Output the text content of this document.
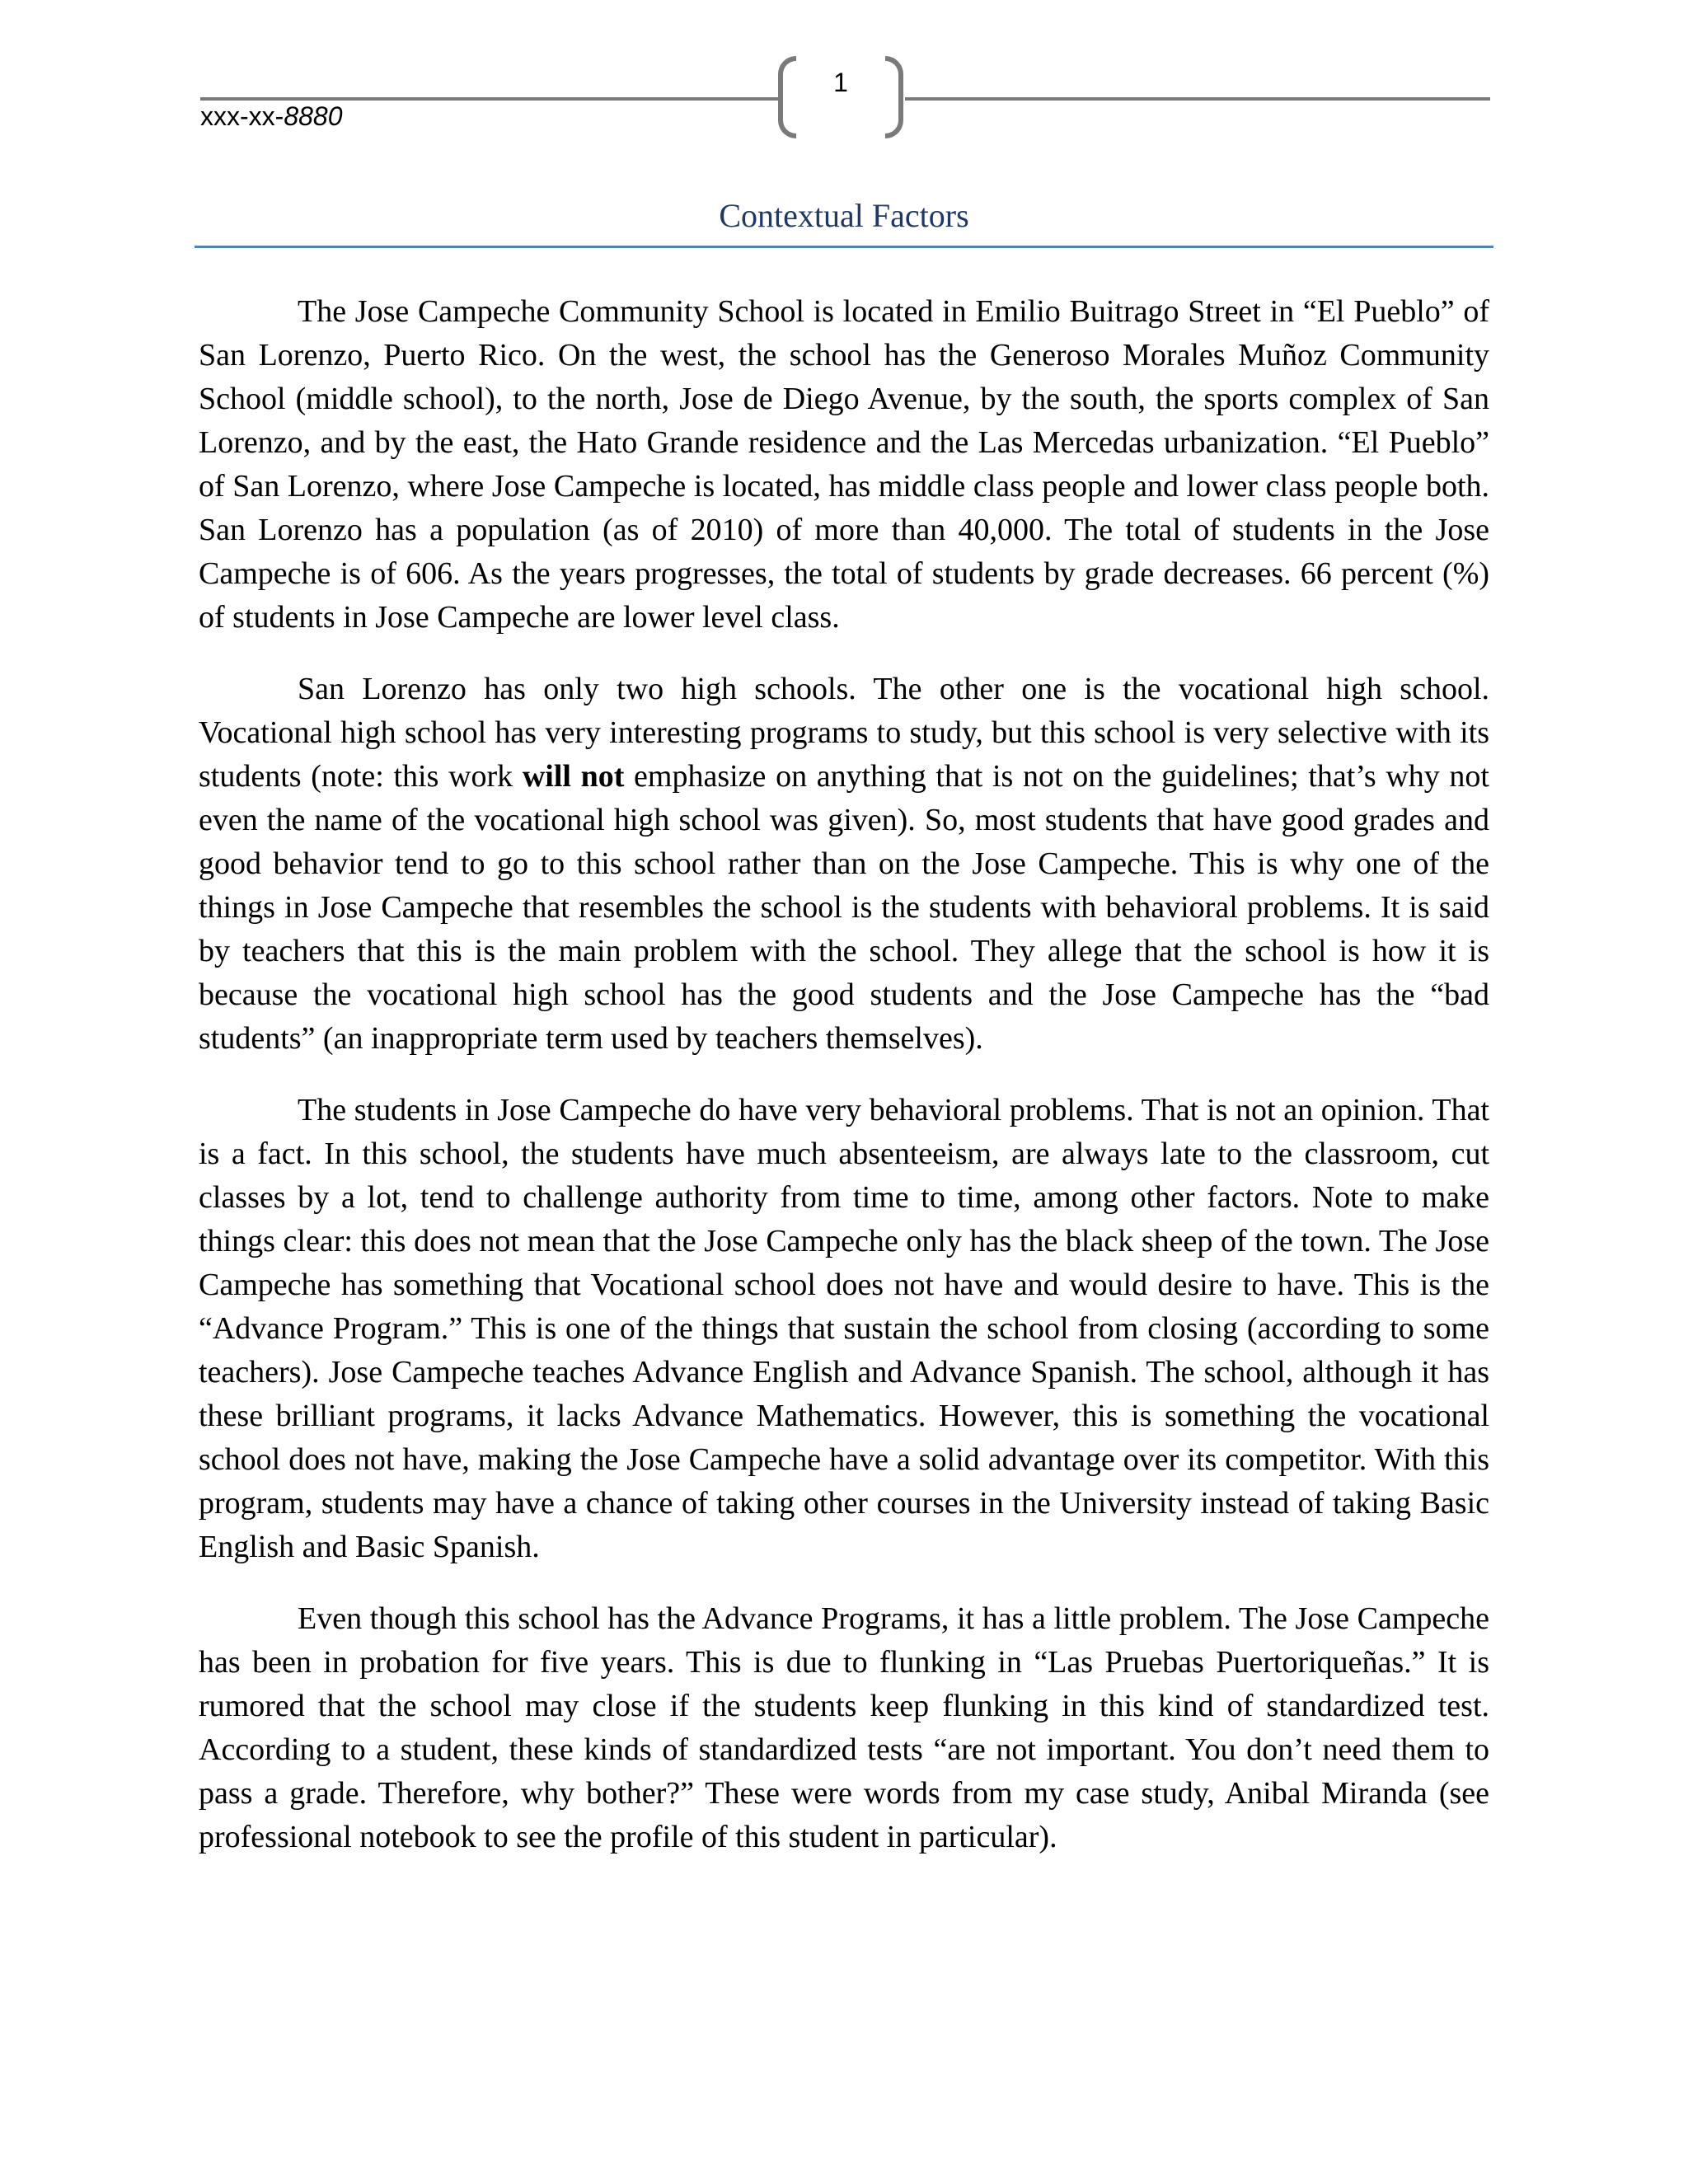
1
xxx-xx-8880
Contextual Factors

The Jose Campeche Community School is located in Emilio Buitrago Street in “El Pueblo” of San Lorenzo, Puerto Rico. On the west, the school has the Generoso Morales Muñoz Community School (middle school), to the north, Jose de Diego Avenue, by the south, the sports complex of San Lorenzo, and by the east, the Hato Grande residence and the Las Mercedas urbanization. “El Pueblo” of San Lorenzo, where Jose Campeche is located, has middle class people and lower class people both. San Lorenzo has a population (as of 2010) of more than 40,000. The total of students in the Jose Campeche is of 606. As the years progresses, the total of students by grade decreases. 66 percent (%) of students in Jose Campeche are lower level class.

San Lorenzo has only two high schools. The other one is the vocational high school. Vocational high school has very interesting programs to study, but this school is very selective with its students (note: this work will not emphasize on anything that is not on the guidelines; that’s why not even the name of the vocational high school was given). So, most students that have good grades and good behavior tend to go to this school rather than on the Jose Campeche. This is why one of the things in Jose Campeche that resembles the school is the students with behavioral problems. It is said by teachers that this is the main problem with the school. They allege that the school is how it is because the vocational high school has the good students and the Jose Campeche has the “bad students” (an inappropriate term used by teachers themselves).

The students in Jose Campeche do have very behavioral problems. That is not an opinion. That is a fact. In this school, the students have much absenteeism, are always late to the classroom, cut classes by a lot, tend to challenge authority from time to time, among other factors. Note to make things clear: this does not mean that the Jose Campeche only has the black sheep of the town. The Jose Campeche has something that Vocational school does not have and would desire to have. This is the “Advance Program.” This is one of the things that sustain the school from closing (according to some teachers). Jose Campeche teaches Advance English and Advance Spanish. The school, although it has these brilliant programs, it lacks Advance Mathematics. However, this is something the vocational school does not have, making the Jose Campeche have a solid advantage over its competitor. With this program, students may have a chance of taking other courses in the University instead of taking Basic English and Basic Spanish.

Even though this school has the Advance Programs, it has a little problem. The Jose Campeche has been in probation for five years. This is due to flunking in “Las Pruebas Puertoriqueñas.” It is rumored that the school may close if the students keep flunking in this kind of standardized test. According to a student, these kinds of standardized tests “are not important. You don’t need them to pass a grade. Therefore, why bother?” These were words from my case study, Anibal Miranda (see professional notebook to see the profile of this student in particular).
